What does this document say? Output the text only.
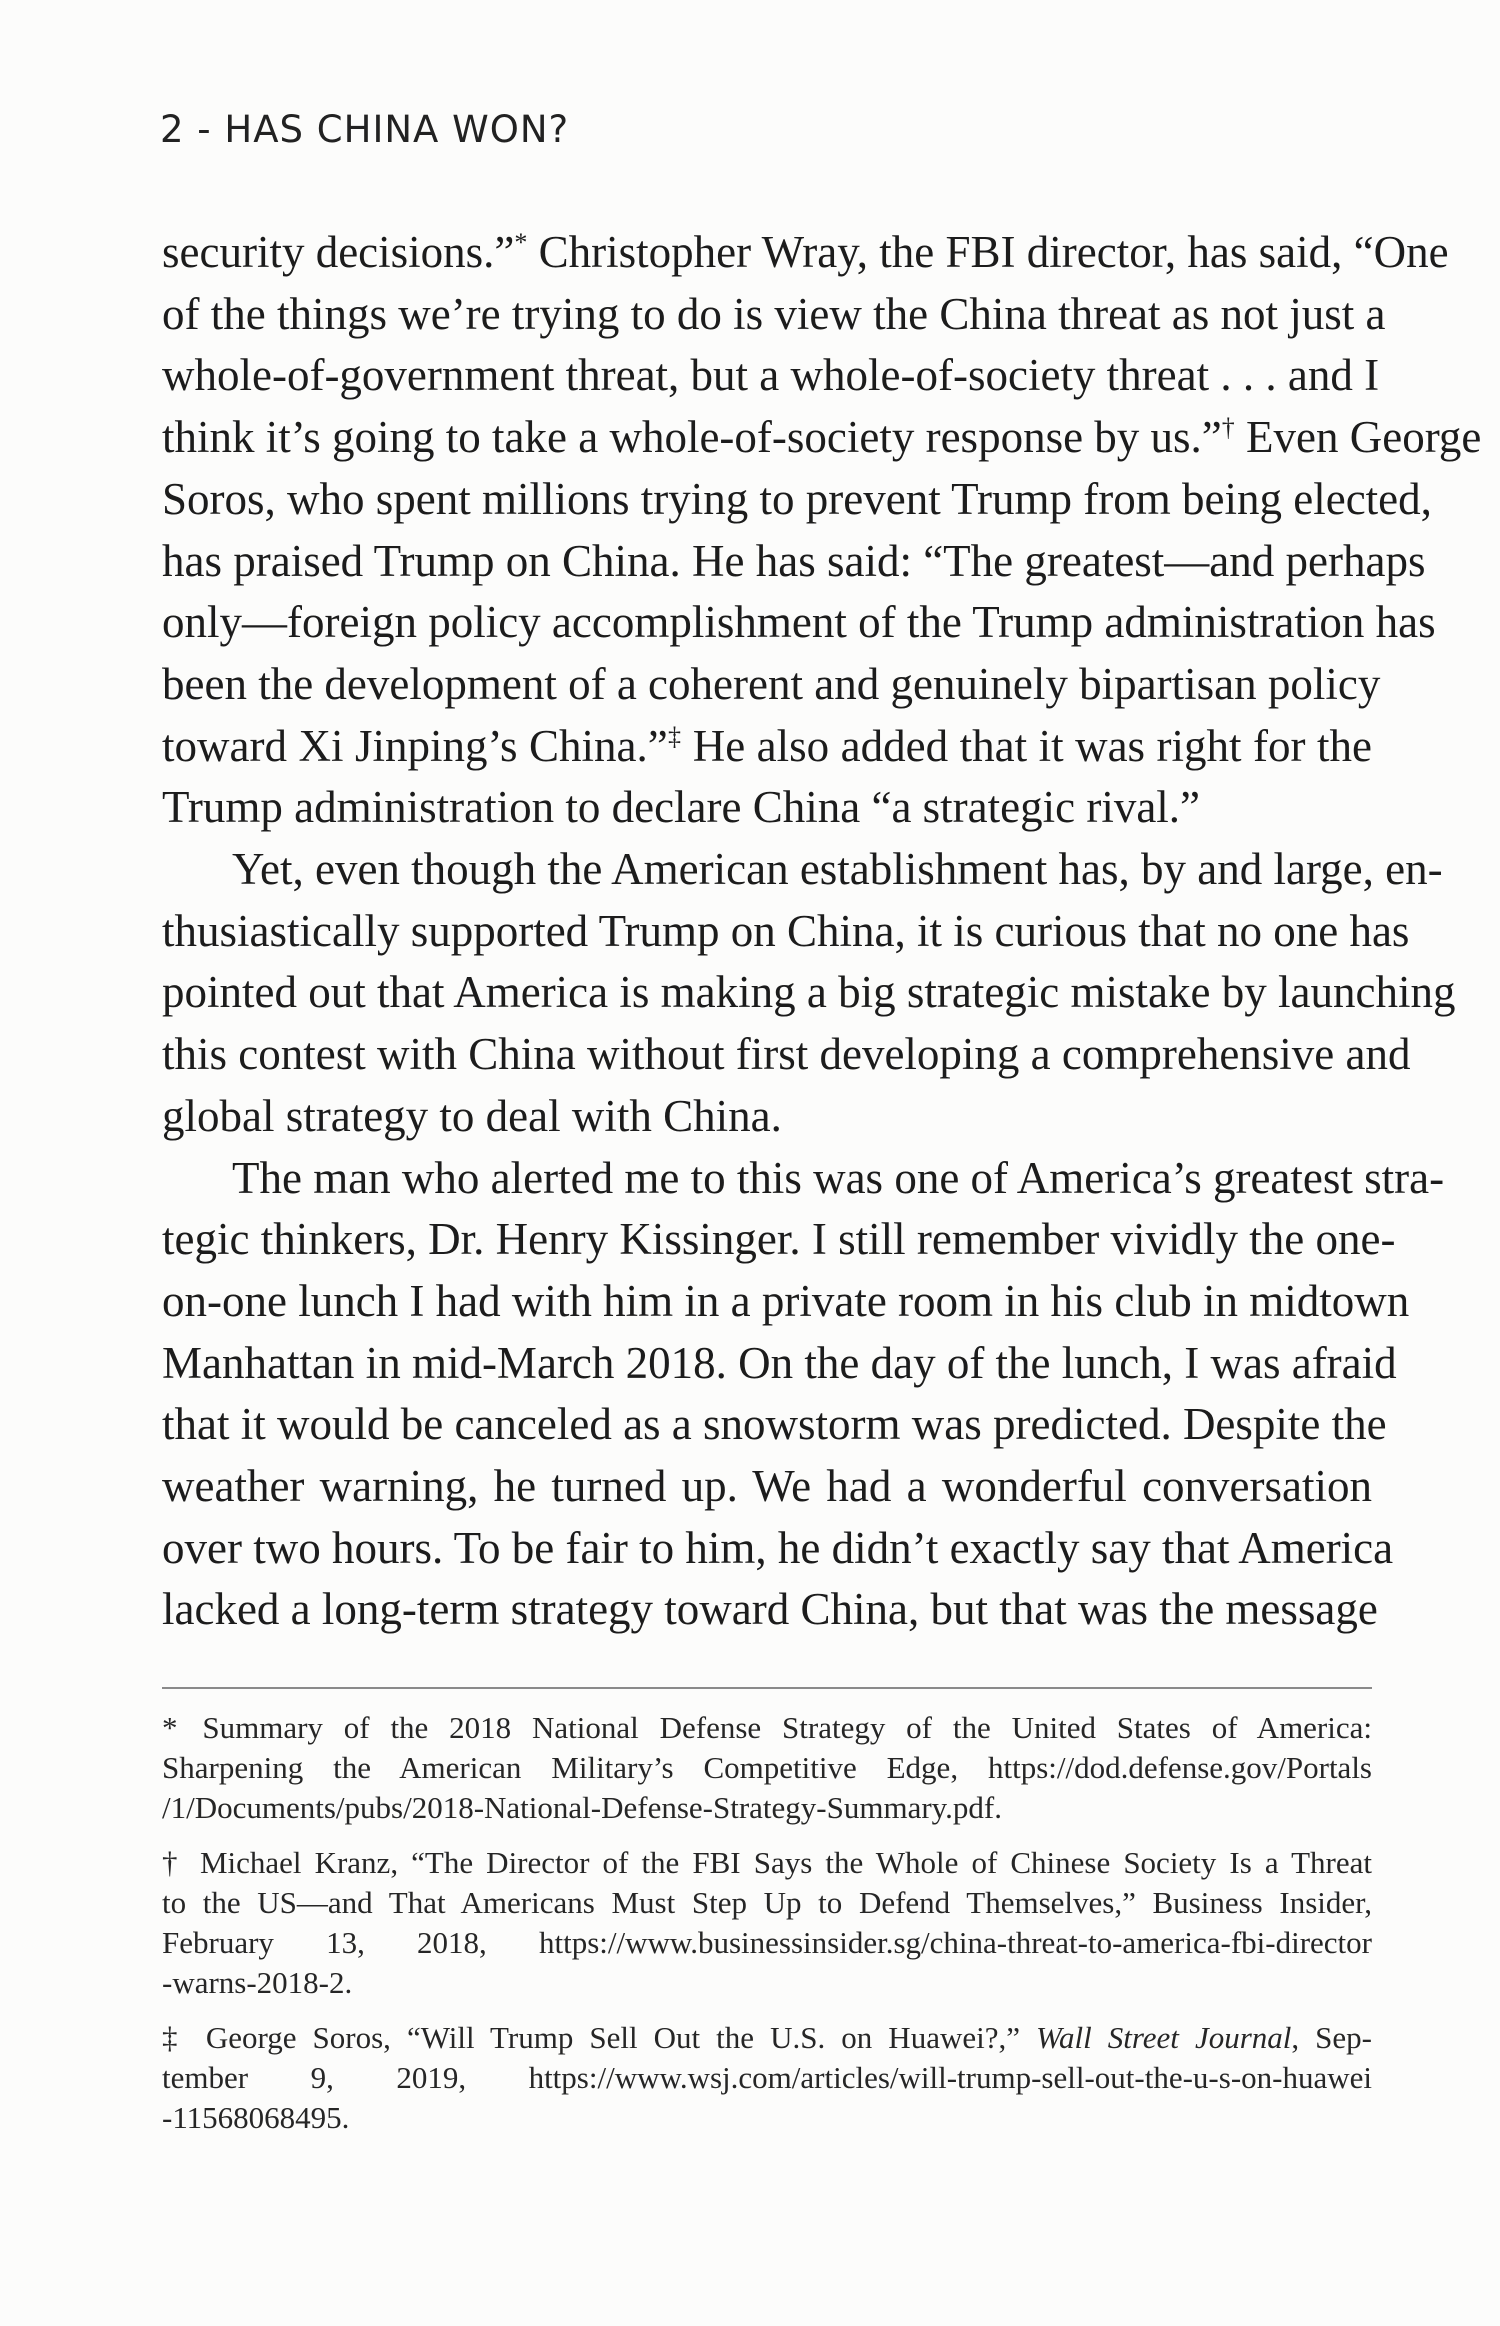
2 - HAS CHINA WON?
security decisions.”* Christopher Wray, the FBI director, has said, “One
of the things we’re trying to do is view the China threat as not just a
whole-of-government threat, but a whole-of-society threat . . . and I
think it’s going to take a whole-of-society response by us.”† Even George
Soros, who spent millions trying to prevent Trump from being elected,
has praised Trump on China. He has said: “The greatest—and perhaps
only—foreign policy accomplishment of the Trump administration has
been the development of a coherent and genuinely bipartisan policy
toward Xi Jinping’s China.”‡ He also added that it was right for the
Trump administration to declare China “a strategic rival.”
Yet, even though the American establishment has, by and large, en-
thusiastically supported Trump on China, it is curious that no one has
pointed out that America is making a big strategic mistake by launching
this contest with China without first developing a comprehensive and
global strategy to deal with China.
The man who alerted me to this was one of America’s greatest stra-
tegic thinkers, Dr. Henry Kissinger. I still remember vividly the one-
on-one lunch I had with him in a private room in his club in midtown
Manhattan in mid-March 2018. On the day of the lunch, I was afraid
that it would be canceled as a snowstorm was predicted. Despite the
weather warning, he turned up. We had a wonderful conversation
over two hours. To be fair to him, he didn’t exactly say that America
lacked a long-term strategy toward China, but that was the message
* Summary of the 2018 National Defense Strategy of the United States of America:
Sharpening the American Military’s Competitive Edge, https://dod.defense.gov/Portals
/1/Documents/pubs/2018-National-Defense-Strategy-Summary.pdf.
† Michael Kranz, “The Director of the FBI Says the Whole of Chinese Society Is a Threat
to the US—and That Americans Must Step Up to Defend Themselves,” Business Insider,
February 13, 2018, https://www.businessinsider.sg/china-threat-to-america-fbi-director
-warns-2018-2.
‡ George Soros, “Will Trump Sell Out the U.S. on Huawei?,” Wall Street Journal, Sep-
tember 9, 2019, https://www.wsj.com/articles/will-trump-sell-out-the-u-s-on-huawei
-11568068495.
